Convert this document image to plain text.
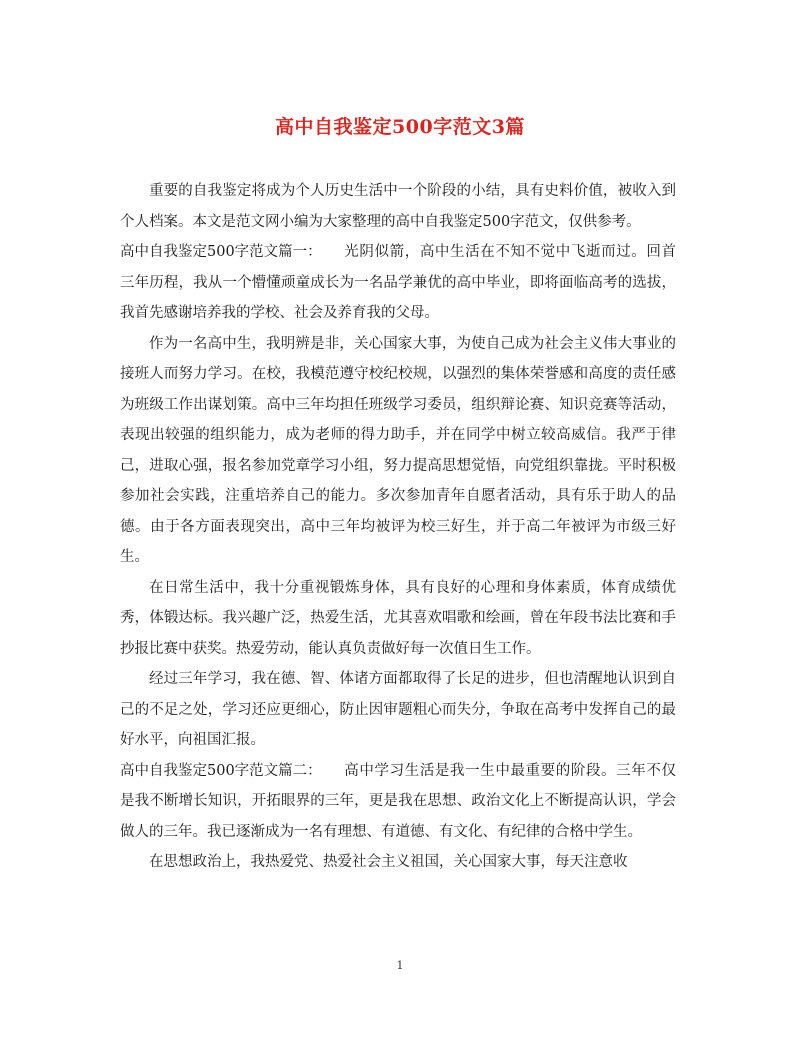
高中自我鉴定500字范文3篇

重要的自我鉴定将成为个人历史生活中一个阶段的小结，具有史料价值，被收入到个人档案。本文是范文网小编为大家整理的高中自我鉴定500字范文，仅供参考。

高中自我鉴定500字范文篇一： 光阴似箭，高中生活在不知不觉中飞逝而过。回首三年历程，我从一个懵懂顽童成长为一名品学兼优的高中毕业，即将面临高考的选拔，我首先感谢培养我的学校、社会及养育我的父母。

作为一名高中生，我明辨是非，关心国家大事，为使自己成为社会主义伟大事业的接班人而努力学习。在校，我模范遵守校纪校规，以强烈的集体荣誉感和高度的责任感为班级工作出谋划策。高中三年均担任班级学习委员，组织辩论赛、知识竞赛等活动，表现出较强的组织能力，成为老师的得力助手，并在同学中树立较高威信。我严于律己，进取心强，报名参加党章学习小组，努力提高思想觉悟，向党组织靠拢。平时积极参加社会实践，注重培养自己的能力。多次参加青年自愿者活动，具有乐于助人的品德。由于各方面表现突出，高中三年均被评为校三好生，并于高二年被评为市级三好生。

在日常生活中，我十分重视锻炼身体，具有良好的心理和身体素质，体育成绩优秀，体锻达标。我兴趣广泛，热爱生活，尤其喜欢唱歌和绘画，曾在年段书法比赛和手抄报比赛中获奖。热爱劳动，能认真负责做好每一次值日生工作。

经过三年学习，我在德、智、体诸方面都取得了长足的进步，但也清醒地认识到自己的不足之处，学习还应更细心，防止因审题粗心而失分，争取在高考中发挥自己的最好水平，向祖国汇报。

高中自我鉴定500字范文篇二： 高中学习生活是我一生中最重要的阶段。三年不仅是我不断增长知识，开拓眼界的三年，更是我在思想、政治文化上不断提高认识，学会做人的三年。我已逐渐成为一名有理想、有道德、有文化、有纪律的合格中学生。

在思想政治上，我热爱党、热爱社会主义祖国，关心国家大事，每天注意收

1
